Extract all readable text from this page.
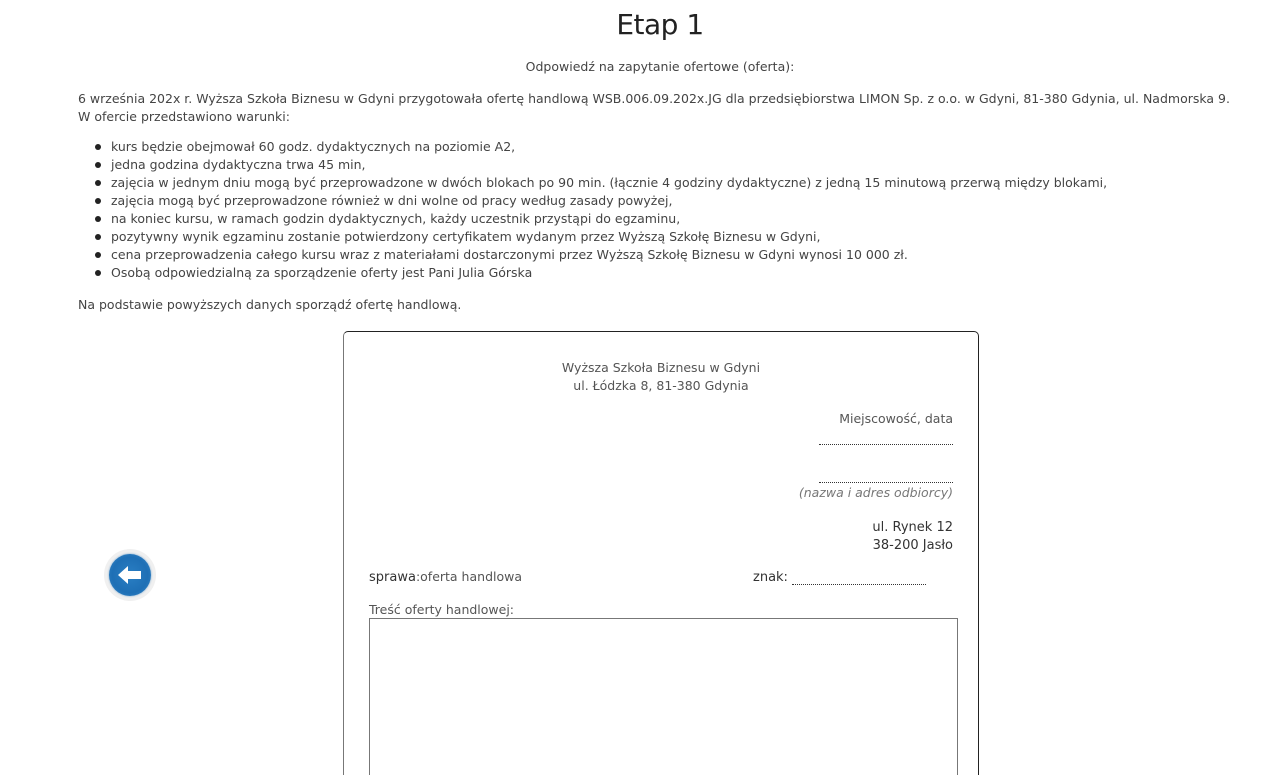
Etap 1
Odpowiedź na zapytanie ofertowe (oferta):
6 września 202x r. Wyższa Szkoła Biznesu w Gdyni przygotowała ofertę handlową WSB.006.09.202x.JG dla przedsiębiorstwa LIMON Sp. z o.o. w Gdyni, 81-380 Gdynia, ul. Nadmorska 9.
W ofercie przedstawiono warunki:
kurs będzie obejmował 60 godz. dydaktycznych na poziomie A2,
jedna godzina dydaktyczna trwa 45 min,
zajęcia w jednym dniu mogą być przeprowadzone w dwóch blokach po 90 min. (łącznie 4 godziny dydaktyczne) z jedną 15 minutową przerwą między blokami,
zajęcia mogą być przeprowadzone również w dni wolne od pracy według zasady powyżej,
na koniec kursu, w ramach godzin dydaktycznych, każdy uczestnik przystąpi do egzaminu,
pozytywny wynik egzaminu zostanie potwierdzony certyfikatem wydanym przez Wyższą Szkołę Biznesu w Gdyni,
cena przeprowadzenia całego kursu wraz z materiałami dostarczonymi przez Wyższą Szkołę Biznesu w Gdyni wynosi 10 000 zł.
Osobą odpowiedzialną za sporządzenie oferty jest Pani Julia Górska
Na podstawie powyższych danych sporządź ofertę handlową.
Wyższa Szkoła Biznesu w Gdyni
ul. Łódzka 8, 81-380 Gdynia
Miejscowość, data
(nazwa i adres odbiorcy)
ul. Rynek 12
38-200 Jasło
sprawa:oferta handlowa	znak:
Treść oferty handlowej:
